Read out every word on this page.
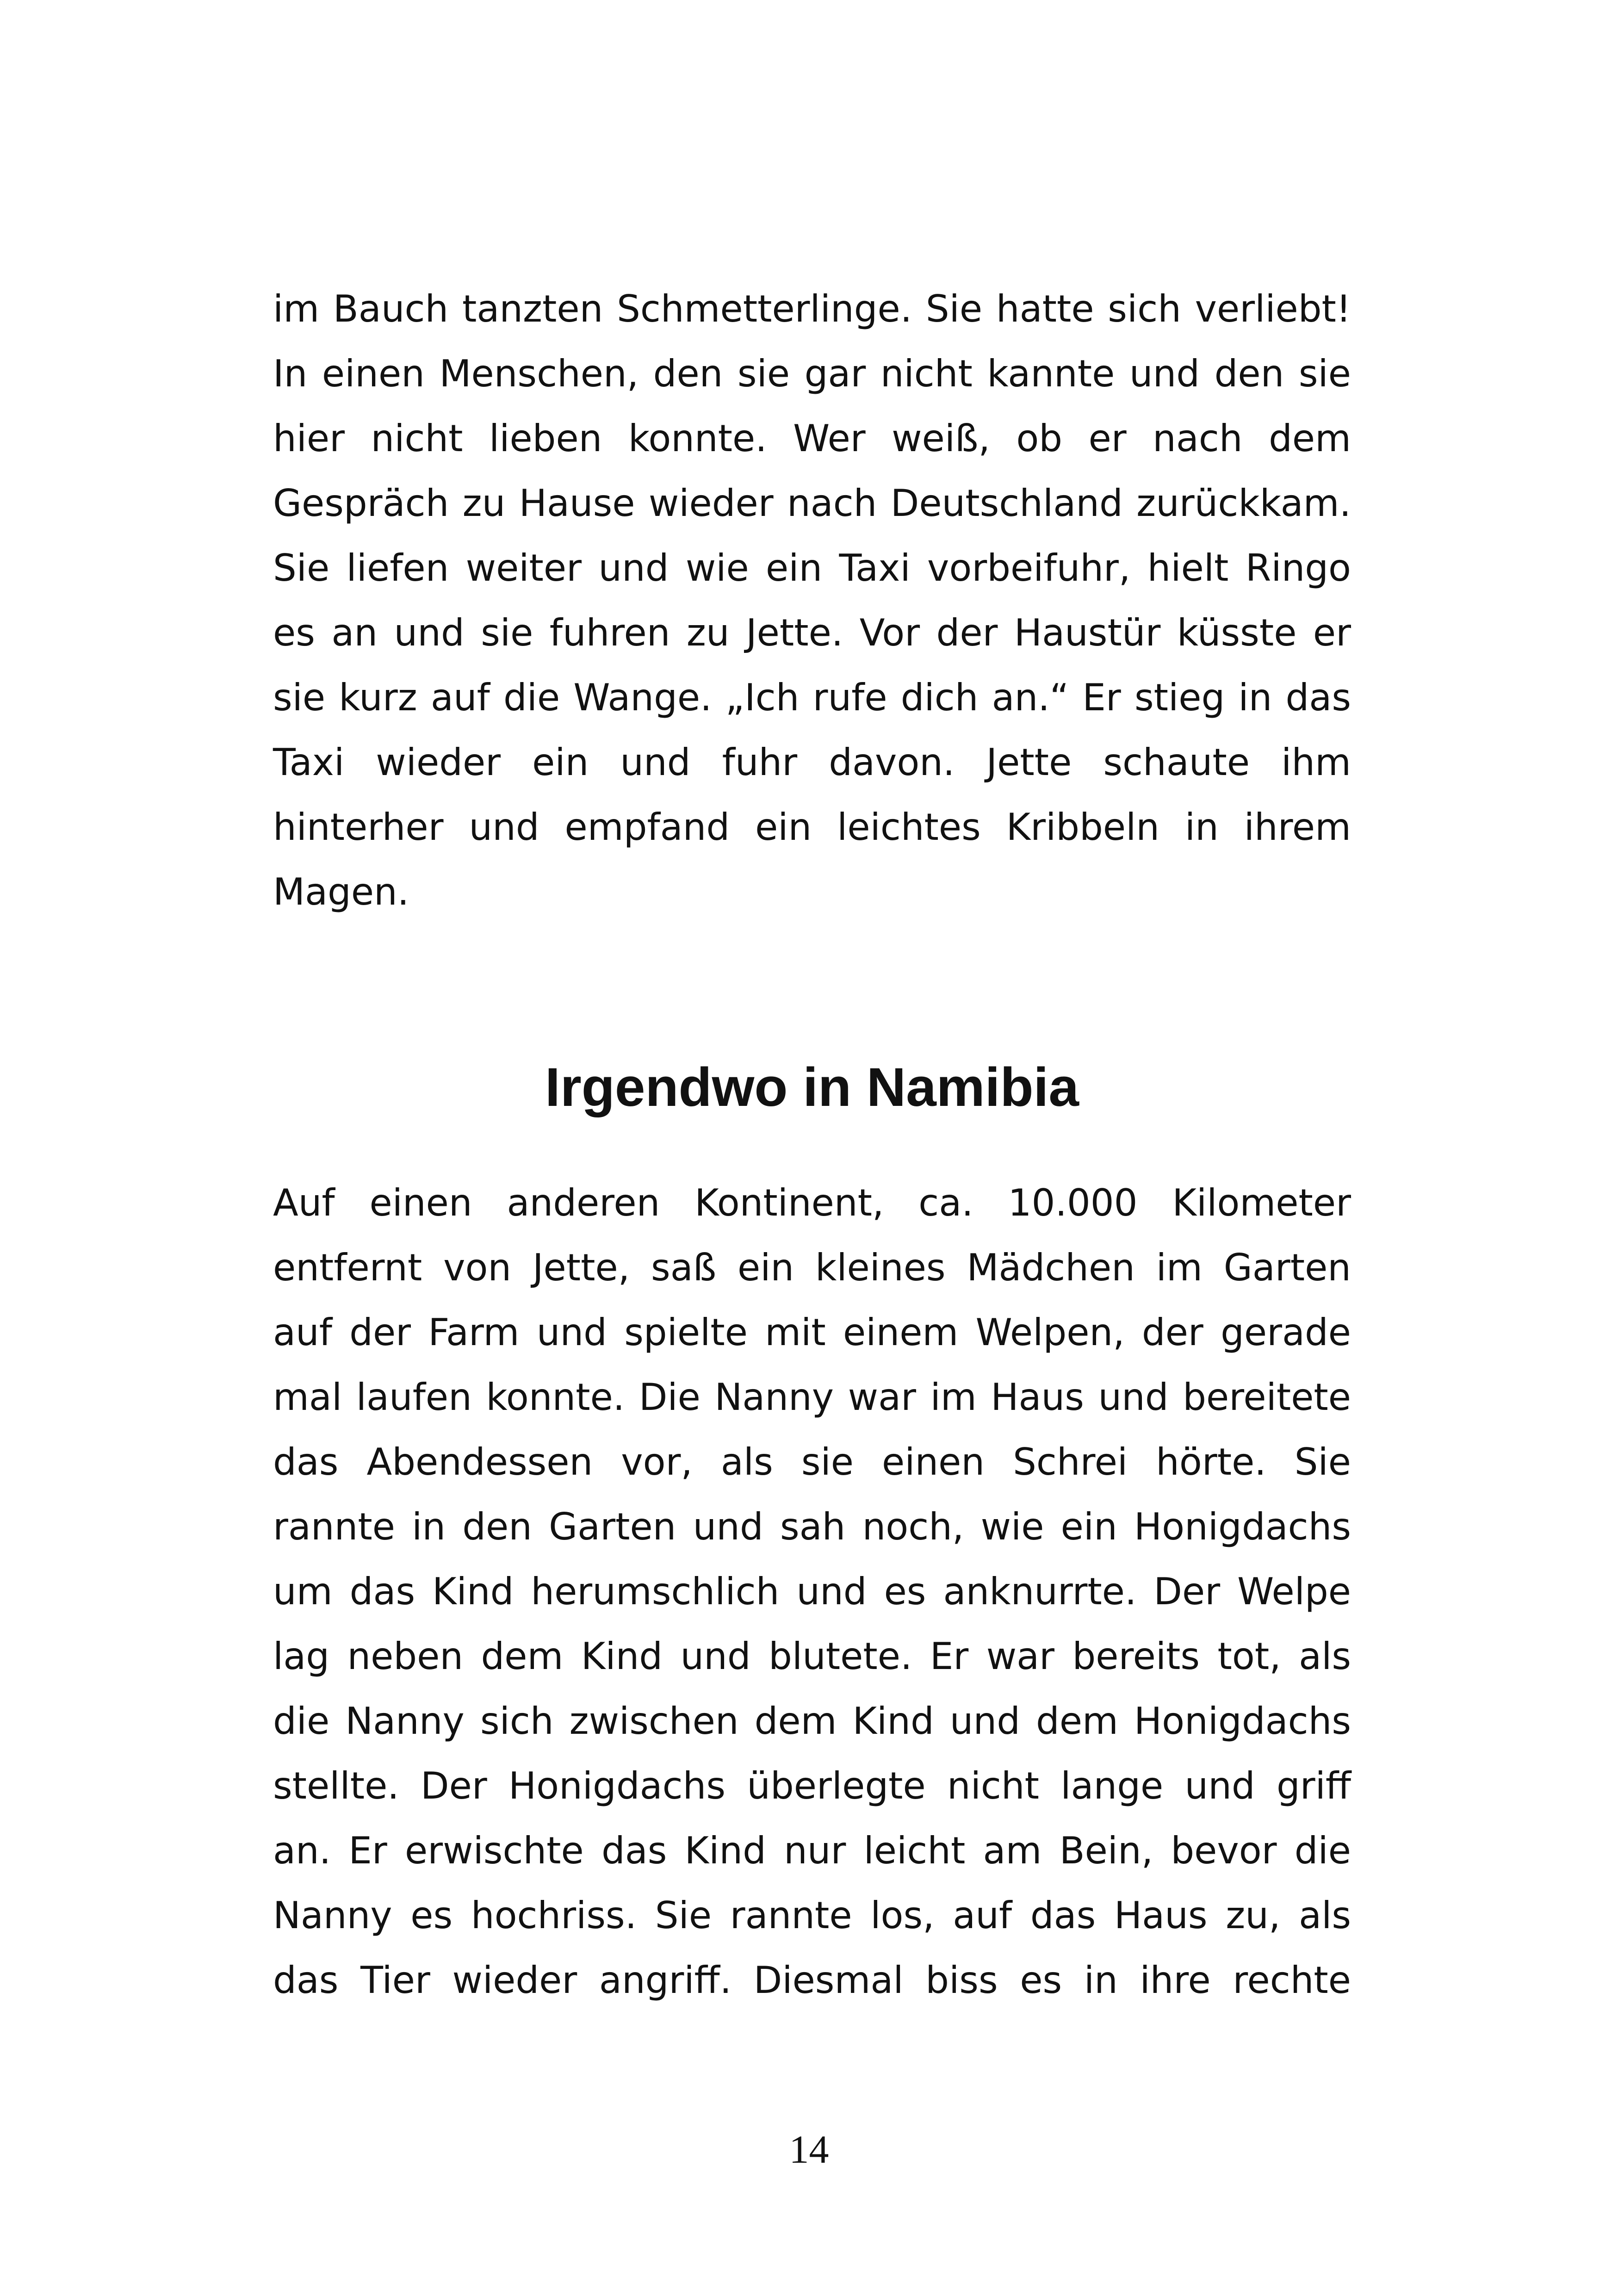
im Bauch tanzten Schmetterlinge. Sie hatte sich verliebt!
In einen Menschen, den sie gar nicht kannte und den sie
hier nicht lieben konnte. Wer weiß, ob er nach dem
Gespräch zu Hause wieder nach Deutschland zurückkam.
Sie liefen weiter und wie ein Taxi vorbeifuhr, hielt Ringo
es an und sie fuhren zu Jette. Vor der Haustür küsste er
sie kurz auf die Wange. „Ich rufe dich an.“ Er stieg in das
Taxi wieder ein und fuhr davon. Jette schaute ihm
hinterher und empfand ein leichtes Kribbeln in ihrem
Magen.
Irgendwo in Namibia
Auf einen anderen Kontinent, ca. 10.000 Kilometer
entfernt von Jette, saß ein kleines Mädchen im Garten
auf der Farm und spielte mit einem Welpen, der gerade
mal laufen konnte. Die Nanny war im Haus und bereitete
das Abendessen vor, als sie einen Schrei hörte. Sie
rannte in den Garten und sah noch, wie ein Honigdachs
um das Kind herumschlich und es anknurrte. Der Welpe
lag neben dem Kind und blutete. Er war bereits tot, als
die Nanny sich zwischen dem Kind und dem Honigdachs
stellte. Der Honigdachs überlegte nicht lange und griff
an. Er erwischte das Kind nur leicht am Bein, bevor die
Nanny es hochriss. Sie rannte los, auf das Haus zu, als
das Tier wieder angriff. Diesmal biss es in ihre rechte
14
